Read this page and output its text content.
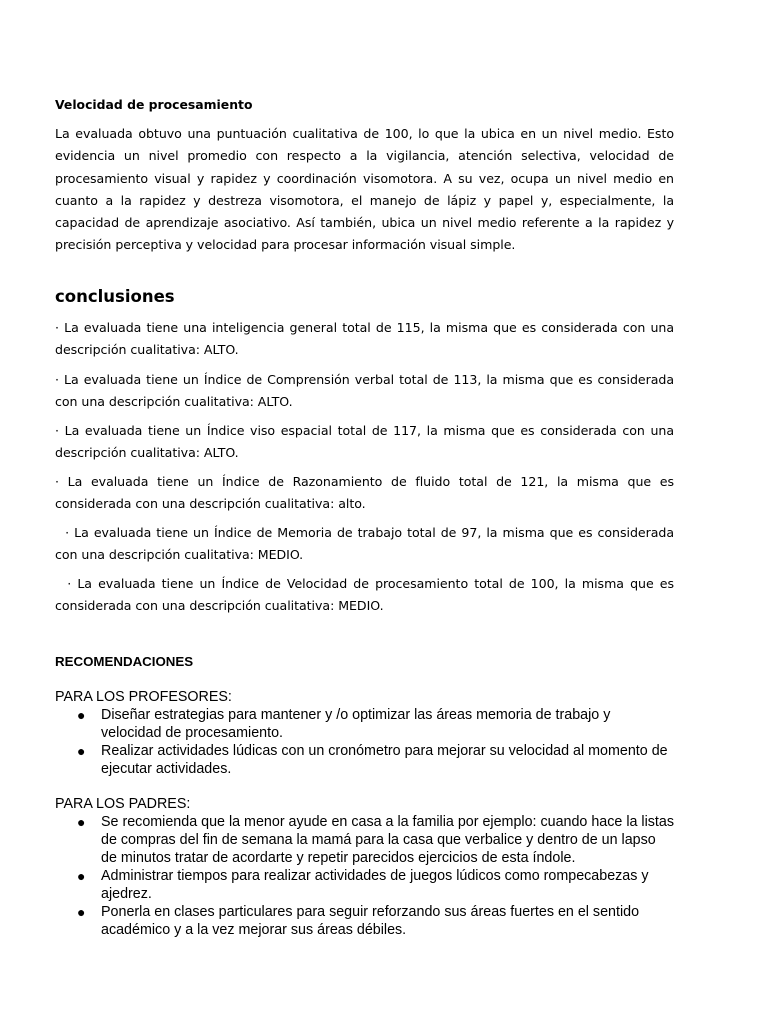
Velocidad de procesamiento
La evaluada obtuvo una puntuación cualitativa de 100, lo que la ubica en un nivel medio. Esto evidencia un nivel promedio con respecto a la vigilancia, atención selectiva, velocidad de procesamiento visual y rapidez y coordinación visomotora. A su vez, ocupa un nivel medio en cuanto a la rapidez y destreza visomotora, el manejo de lápiz y papel y, especialmente, la capacidad de aprendizaje asociativo. Así también, ubica un nivel medio referente a la rapidez y precisión perceptiva y velocidad para procesar información visual simple.
conclusiones
· La evaluada tiene una inteligencia general total de 115, la misma que es considerada con una descripción cualitativa: ALTO.
· La evaluada tiene un Índice de Comprensión verbal total de 113, la misma que es considerada con una descripción cualitativa: ALTO.
· La evaluada tiene un Índice viso espacial total de 117, la misma que es considerada con una descripción cualitativa: ALTO.
· La evaluada tiene un Índice de Razonamiento de fluido total de 121, la misma que es considerada con una descripción cualitativa: alto.
· La evaluada tiene un Índice de Memoria de trabajo total de 97, la misma que es considerada con una descripción cualitativa: MEDIO.
· La evaluada tiene un Índice de Velocidad de procesamiento total de 100, la misma que es considerada con una descripción cualitativa: MEDIO.
RECOMENDACIONES
PARA LOS PROFESORES:
● Diseñar estrategias para mantener y /o optimizar las áreas memoria de trabajo y velocidad de procesamiento.
● Realizar actividades lúdicas con un cronómetro para mejorar su velocidad al momento de ejecutar actividades.
PARA LOS PADRES:
● Se recomienda que la menor ayude en casa a la familia por ejemplo: cuando hace la listas de compras del fin de semana la mamá para la casa que verbalice y dentro de un lapso de minutos tratar de acordarte y repetir parecidos ejercicios de esta índole.
● Administrar tiempos para realizar actividades de juegos lúdicos como rompecabezas y ajedrez.
● Ponerla en clases particulares para seguir reforzando sus áreas fuertes en el sentido académico y a la vez mejorar sus áreas débiles.
